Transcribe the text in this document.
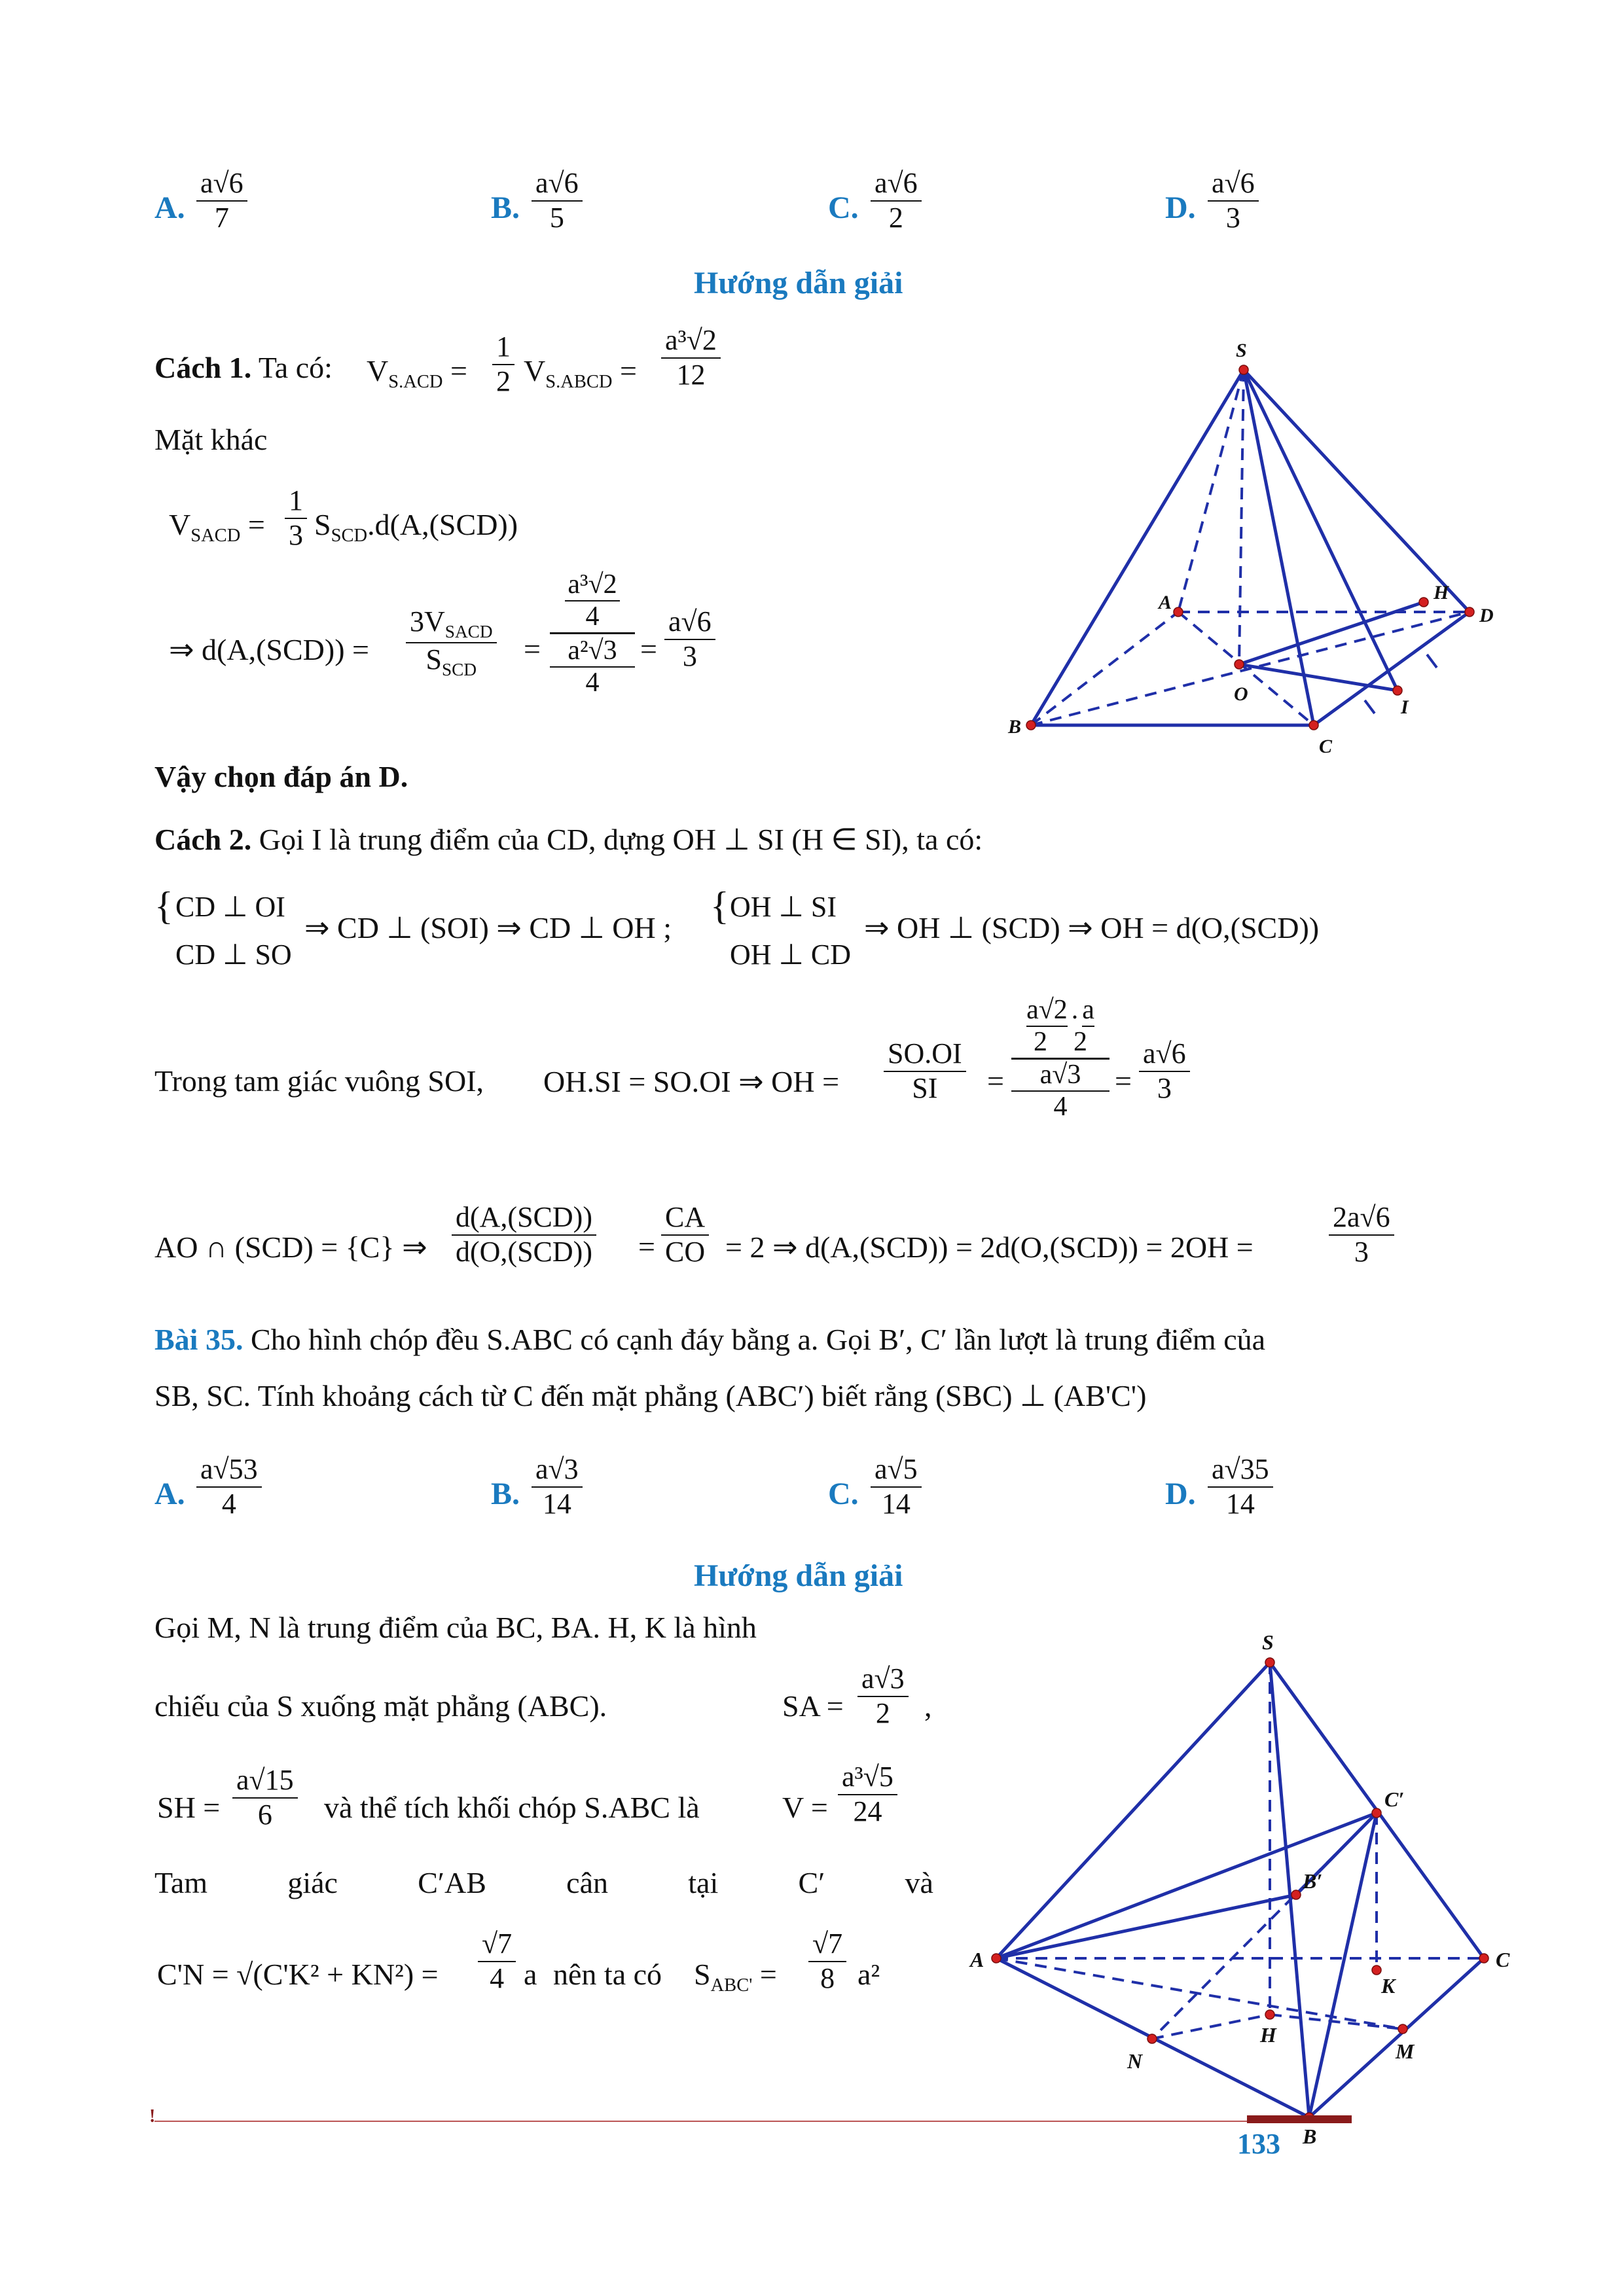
A. $\frac{a√6}{7}$	B. $\frac{a√6}{5}$	C. $\frac{a√6}{2}$	D. $\frac{a√6}{3}$
Hướng dẫn giải
Cách 1. Ta có: $V_{S.ACD} = \frac{1}{2} V_{S.ABCD} = \frac{\text{a³√2}}{12}$
Mặt khác
$V_{SACD} = \frac{1}{3} S_{SCD}.d(A,(SCD))$
⇒ d(A,(SCD)) =
$3V_{SACD}$
$S_{SCD}$
=
a³√2
4
a²√3
4
= $\frac{a√6}{3}$
Vậy chọn đáp án D.
S
A
B
C
D
O
H
I
Cách 2. Gọi I là trung điểm của CD, dựng OH ⊥ SI (H ∈ SI), ta có:
{ CD ⊥ OI
CD ⊥ SO
⇒ CD ⊥ (SOI) ⇒ CD ⊥ OH ;
{ OH ⊥ SI
OH ⊥ CD
⇒ OH ⊥ (SCD) ⇒ OH = d(O,(SCD))
Trong tam giác vuông SOI, OH.SI = SO.OI ⇒ OH = $\frac{SO.OI}{SI}$ =
a√2 . a
2 2
a√3
4
= $\frac{a√6}{3}$
AO ∩ (SCD) = {C} ⇒
d(A,(SCD))
$d(O,(SCD)) = \frac{CA}{CO} = 2$ ⇒ d(A,(SCD)) = 2d(O,(SCD)) = 2OH =	$\frac{2a√6}{3}$
Bài 35. Cho hình chóp đều S.ABC có cạnh đáy bằng a. Gọi B′, C′ lần lượt là trung điểm của
SB, SC. Tính khoảng cách từ C đến mặt phẳng (ABC′) biết rằng (SBC) ⊥ (AB'C')
A. $\frac{a√53}{4}$	B. $\frac{a√3}{14}$	C. $\frac{a√5}{14}$	D. $\frac{a√35}{14}$
Hướng dẫn giải
Gọi M, N là trung điểm của BC, BA. H, K là hình
chiếu của S xuống mặt phẳng (ABC).	SA = $\frac{a√3}{2}$ ,
SH = $\frac{a√15}{6}$ và thể tích khối chóp S.ABC là	$V = \frac{\text{a³√5}}{24}$
Tam	giác	C′AB	cân	tại	C′	và
$C'N = √(C'K^2 + KN^2) = \frac{√7}{4}$ a nên ta có $S_{ABC'} = \frac{√7}{8} a^2$
S
A	C
B
C′
B′
H
K
N	M
!
133
